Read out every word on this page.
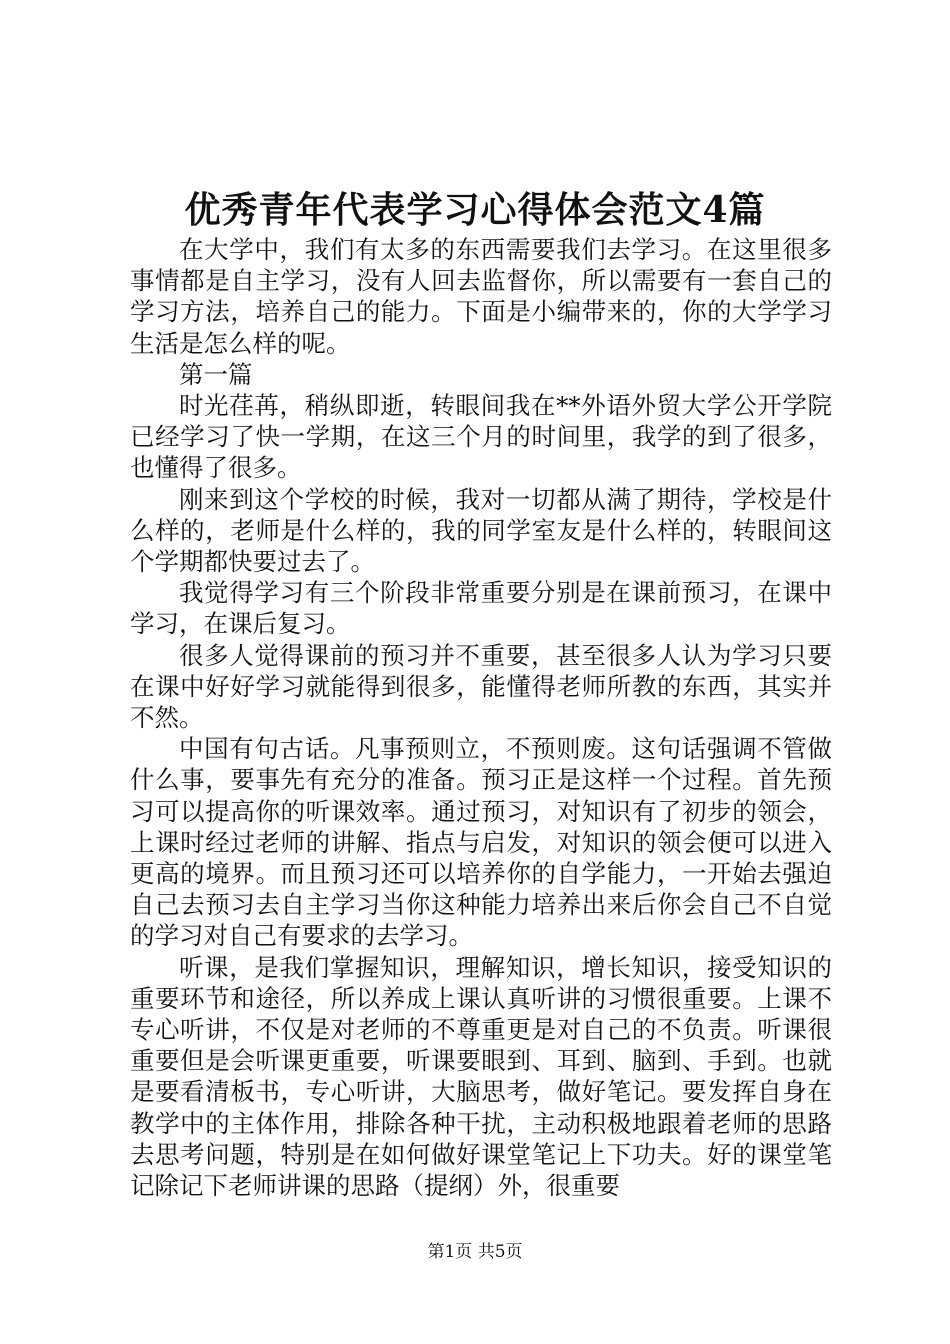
优秀青年代表学习心得体会范文4篇

在大学中，我们有太多的东西需要我们去学习。在这里很多事情都是自主学习，没有人回去监督你，所以需要有一套自己的学习方法，培养自己的能力。下面是小编带来的，你的大学学习生活是怎么样的呢。

第一篇

时光荏苒，稍纵即逝，转眼间我在**外语外贸大学公开学院已经学习了快一学期，在这三个月的时间里，我学的到了很多，也懂得了很多。

刚来到这个学校的时候，我对一切都从满了期待，学校是什么样的，老师是什么样的，我的同学室友是什么样的，转眼间这个学期都快要过去了。

我觉得学习有三个阶段非常重要分别是在课前预习，在课中学习，在课后复习。

很多人觉得课前的预习并不重要，甚至很多人认为学习只要在课中好好学习就能得到很多，能懂得老师所教的东西，其实并不然。

中国有句古话。凡事预则立，不预则废。这句话强调不管做什么事，要事先有充分的准备。预习正是这样一个过程。首先预习可以提高你的听课效率。通过预习，对知识有了初步的领会，上课时经过老师的讲解、指点与启发，对知识的领会便可以进入更高的境界。而且预习还可以培养你的自学能力，一开始去强迫自己去预习去自主学习当你这种能力培养出来后你会自己不自觉的学习对自己有要求的去学习。

听课，是我们掌握知识，理解知识，增长知识，接受知识的重要环节和途径，所以养成上课认真听讲的习惯很重要。上课不专心听讲，不仅是对老师的不尊重更是对自己的不负责。听课很重要但是会听课更重要，听课要眼到、耳到、脑到、手到。也就是要看清板书，专心听讲，大脑思考，做好笔记。要发挥自身在教学中的主体作用，排除各种干扰，主动积极地跟着老师的思路去思考问题，特别是在如何做好课堂笔记上下功夫。好的课堂笔记除记下老师讲课的思路（提纲）外，很重要

第1页 共5页
